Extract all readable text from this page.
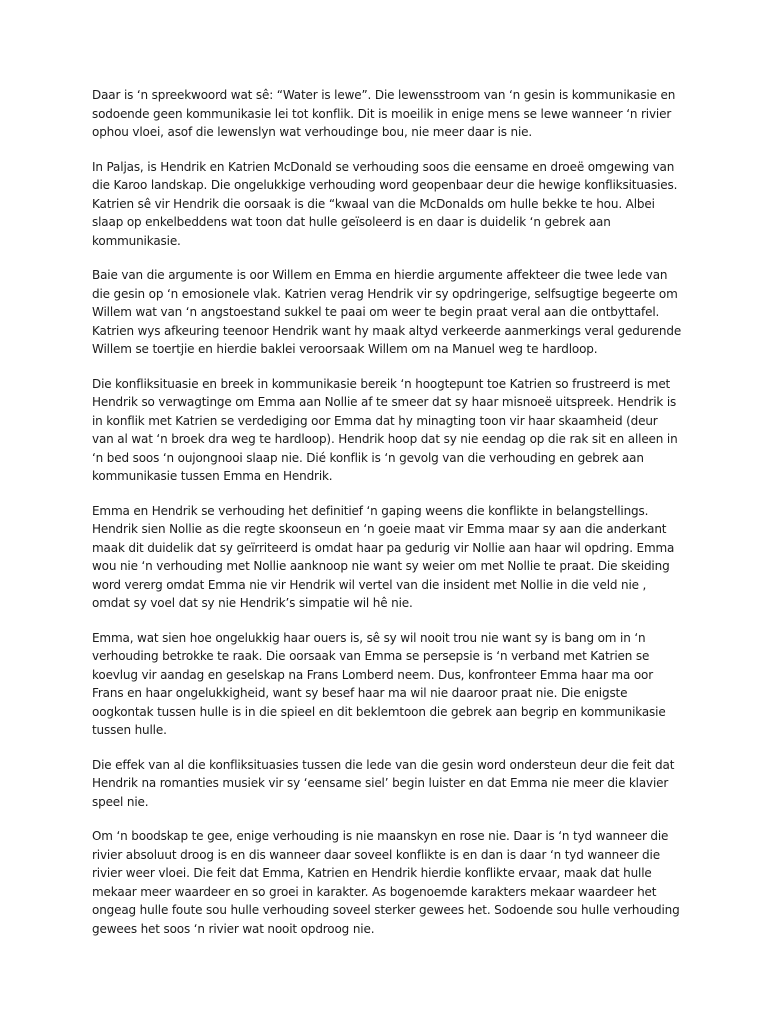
Daar is ‘n spreekwoord wat sê: “Water is lewe”. Die lewensstroom van ‘n gesin is kommunikasie en sodoende geen kommunikasie lei tot konflik. Dit is moeilik in enige mens se lewe wanneer ‘n rivier ophou vloei, asof die lewenslyn wat verhoudinge bou, nie meer daar is nie.

In Paljas, is Hendrik en Katrien McDonald se verhouding soos die eensame en droeë omgewing van die Karoo landskap. Die ongelukkige verhouding word geopenbaar deur die hewige konfliksituasies. Katrien sê vir Hendrik die oorsaak is die “kwaal van die McDonalds om hulle bekke te hou. Albei slaap op enkelbeddens wat toon dat hulle geïsoleerd is en daar is duidelik ‘n gebrek aan kommunikasie.

Baie van die argumente is oor Willem en Emma en hierdie argumente affekteer die twee lede van die gesin op ‘n emosionele vlak. Katrien verag Hendrik vir sy opdringerige, selfsugtige begeerte om Willem wat van ‘n angstoestand sukkel te paai om weer te begin praat veral aan die ontbyttafel. Katrien wys afkeuring teenoor Hendrik want hy maak altyd verkeerde aanmerkings veral gedurende Willem se toertjie en hierdie baklei veroorsaak Willem om na Manuel weg te hardloop.

Die konfliksituasie en breek in kommunikasie bereik ‘n hoogtepunt toe Katrien so frustreerd is met Hendrik so verwagtinge om Emma aan Nollie af te smeer dat sy haar misnoeë uitspreek. Hendrik is in konflik met Katrien se verdediging oor Emma dat hy minagting toon vir haar skaamheid (deur van al wat ‘n broek dra weg te hardloop). Hendrik hoop dat sy nie eendag op die rak sit en alleen in ‘n bed soos ‘n oujongnooi slaap nie. Dié konflik is ‘n gevolg van die verhouding en gebrek aan kommunikasie tussen Emma en Hendrik.

Emma en Hendrik se verhouding het definitief ‘n gaping weens die konflikte in belangstellings. Hendrik sien Nollie as die regte skoonseun en ‘n goeie maat vir Emma maar sy aan die anderkant maak dit duidelik dat sy geïrriteerd is omdat haar pa gedurig vir Nollie aan haar wil opdring. Emma wou nie ‘n verhouding met Nollie aanknoop nie want sy weier om met Nollie te praat. Die skeiding word vererg omdat Emma nie vir Hendrik wil vertel van die insident met Nollie in die veld nie , omdat sy voel dat sy nie Hendrik’s simpatie wil hê nie.

Emma, wat sien hoe ongelukkig haar ouers is, sê sy wil nooit trou nie want sy is bang om in ‘n verhouding betrokke te raak. Die oorsaak van Emma se persepsie is ‘n verband met Katrien se koevlug vir aandag en geselskap na Frans Lomberd neem. Dus, konfronteer Emma haar ma oor Frans en haar ongelukkigheid, want sy besef haar ma wil nie daaroor praat nie. Die enigste oogkontak tussen hulle is in die spieel en dit beklemtoon die gebrek aan begrip en kommunikasie tussen hulle.

Die effek van al die konfliksituasies tussen die lede van die gesin word ondersteun deur die feit dat Hendrik na romanties musiek vir sy ‘eensame siel’ begin luister en dat Emma nie meer die klavier speel nie.

Om ‘n boodskap te gee, enige verhouding is nie maanskyn en rose nie. Daar is ‘n tyd wanneer die rivier absoluut droog is en dis wanneer daar soveel konflikte is en dan is daar ‘n tyd wanneer die rivier weer vloei. Die feit dat Emma, Katrien en Hendrik hierdie konflikte ervaar, maak dat hulle mekaar meer waardeer en so groei in karakter. As bogenoemde karakters mekaar waardeer het ongeag hulle foute sou hulle verhouding soveel sterker gewees het. Sodoende sou hulle verhouding gewees het soos ‘n rivier wat nooit opdroog nie.
